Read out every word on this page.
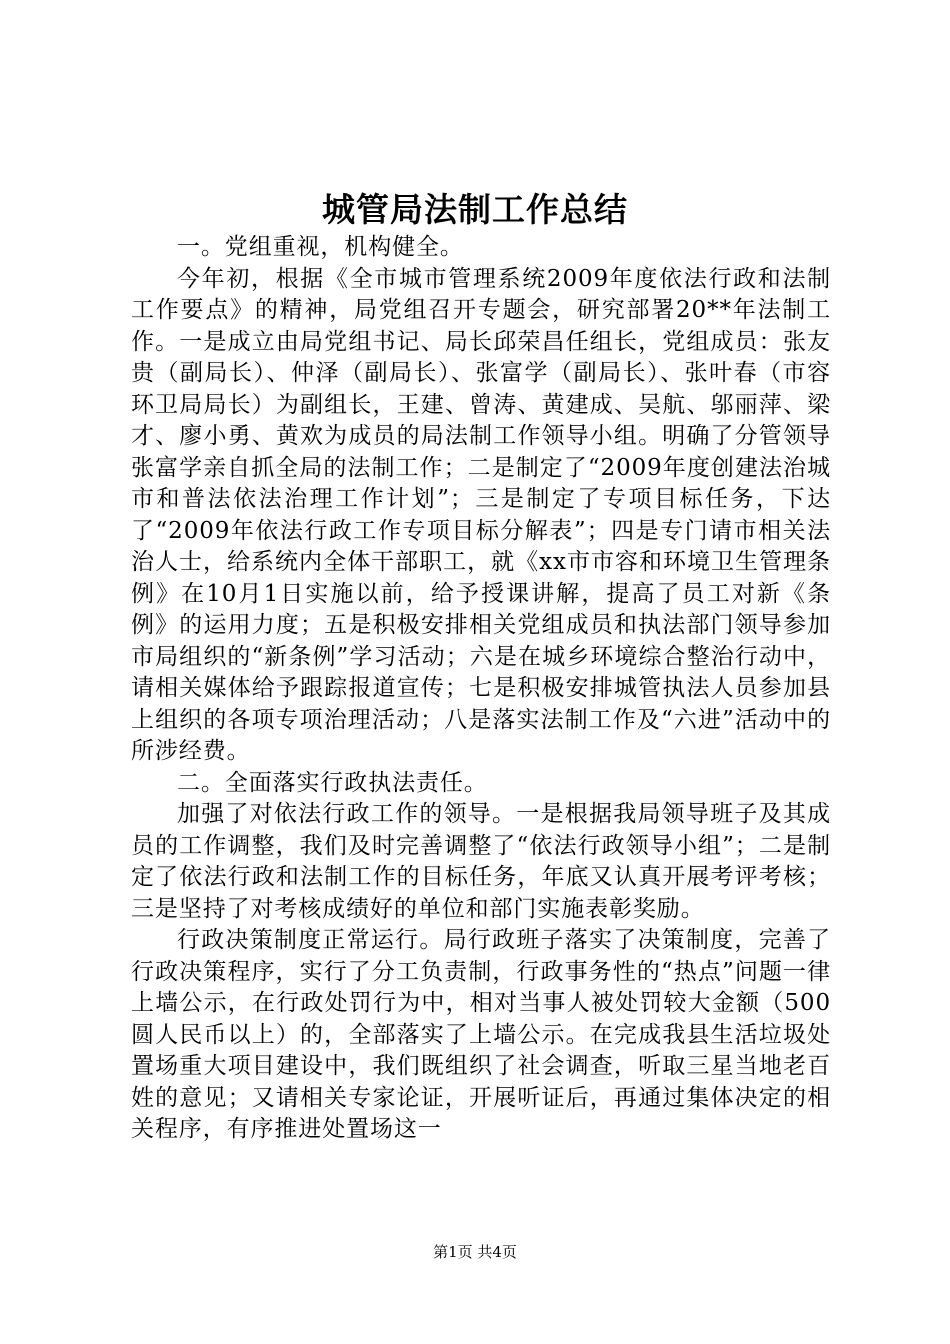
城管局法制工作总结

一。党组重视，机构健全。

今年初，根据《全市城市管理系统2009年度依法行政和法制工作要点》的精神，局党组召开专题会，研究部署20**年法制工作。一是成立由局党组书记、局长邱荣昌任组长，党组成员：张友贵（副局长）、仲泽（副局长）、张富学（副局长）、张叶春（市容环卫局局长）为副组长，王建、曾涛、黄建成、吴航、邬丽萍、梁才、廖小勇、黄欢为成员的局法制工作领导小组。明确了分管领导张富学亲自抓全局的法制工作；二是制定了“2009年度创建法治城市和普法依法治理工作计划”；三是制定了专项目标任务，下达了“2009年依法行政工作专项目标分解表”；四是专门请市相关法治人士，给系统内全体干部职工，就《xx市市容和环境卫生管理条例》在10月1日实施以前，给予授课讲解，提高了员工对新《条例》的运用力度；五是积极安排相关党组成员和执法部门领导参加市局组织的“新条例”学习活动；六是在城乡环境综合整治行动中，请相关媒体给予跟踪报道宣传；七是积极安排城管执法人员参加县上组织的各项专项治理活动；八是落实法制工作及“六进”活动中的所涉经费。

二。全面落实行政执法责任。

加强了对依法行政工作的领导。一是根据我局领导班子及其成员的工作调整，我们及时完善调整了“依法行政领导小组”；二是制定了依法行政和法制工作的目标任务，年底又认真开展考评考核；三是坚持了对考核成绩好的单位和部门实施表彰奖励。

行政决策制度正常运行。局行政班子落实了决策制度，完善了行政决策程序，实行了分工负责制，行政事务性的“热点”问题一律上墙公示，在行政处罚行为中，相对当事人被处罚较大金额（500圆人民币以上）的，全部落实了上墙公示。在完成我县生活垃圾处置场重大项目建设中，我们既组织了社会调查，听取三星当地老百姓的意见；又请相关专家论证，开展听证后，再通过集体决定的相关程序，有序推进处置场这一

第1页 共4页
